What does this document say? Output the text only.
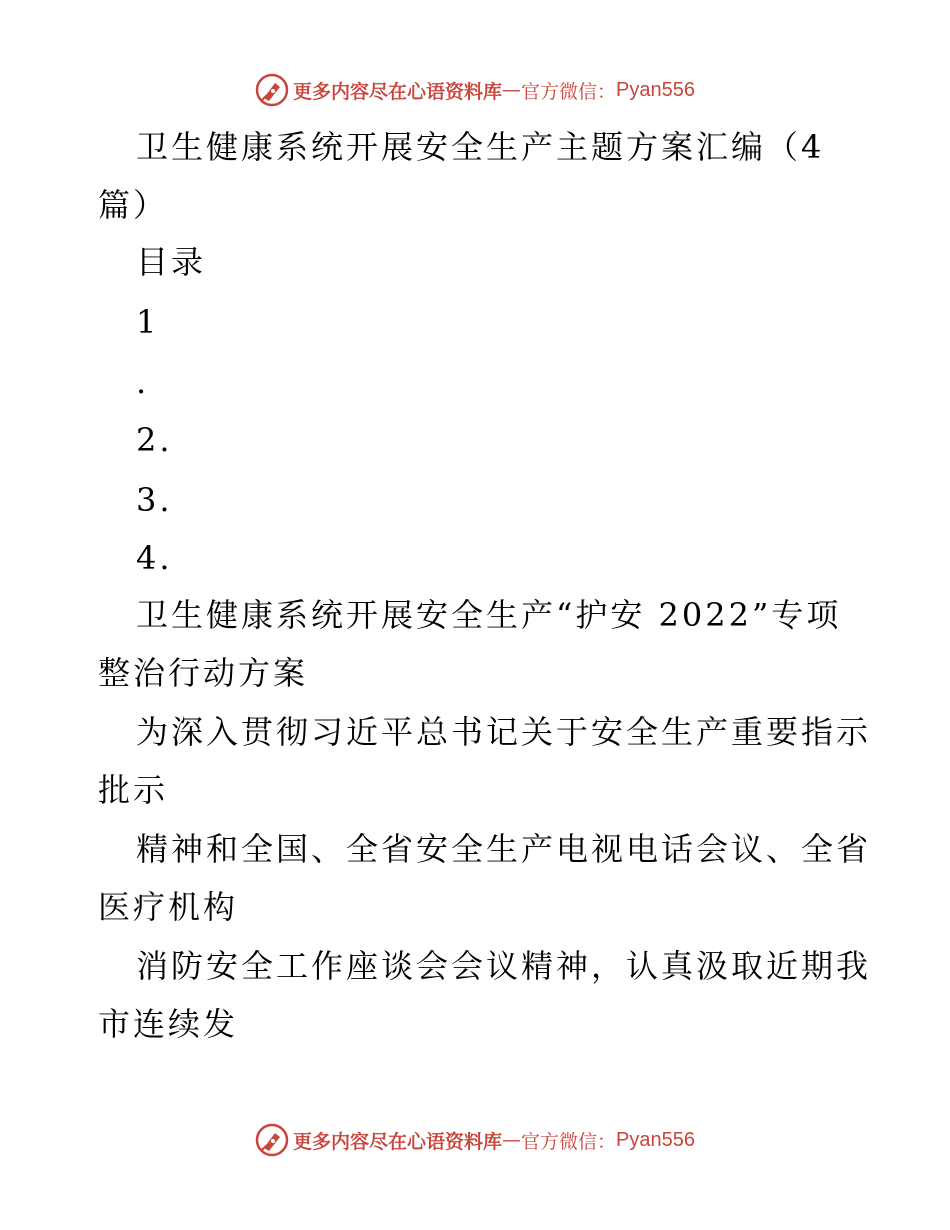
更多内容尽在心语资料库 — 官方微信： Pyan556
卫生健康系统开展安全生产主题方案汇编（4
篇）
目录
1
.
2.
3.
4.
卫生健康系统开展安全生产“护安 2022”专项
整治行动方案
为深入贯彻习近平总书记关于安全生产重要指示
批示
精神和全国、全省安全生产电视电话会议、全省
医疗机构
消防安全工作座谈会会议精神，认真汲取近期我
市连续发
更多内容尽在心语资料库 — 官方微信： Pyan556
